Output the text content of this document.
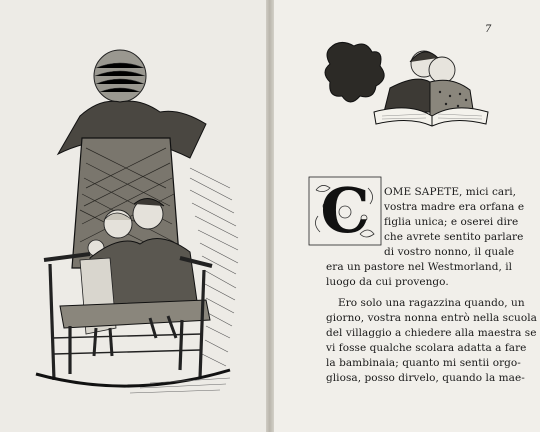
7
C	OME SAPETE, mici cari,
vostra madre era orfana e
figlia unica; e oserei dire
che avrete sentito parlare
di vostro nonno, il quale
era un pastore nel Westmorland, il
luogo da cui provengo.
Ero solo una ragazzina quando, un
giorno, vostra nonna entrò nella scuola
del villaggio a chiedere alla maestra se
vi fosse qualche scolara adatta a fare
la bambinaia; quanto mi sentii orgo-
gliosa, posso dirvelo, quando la mae-
